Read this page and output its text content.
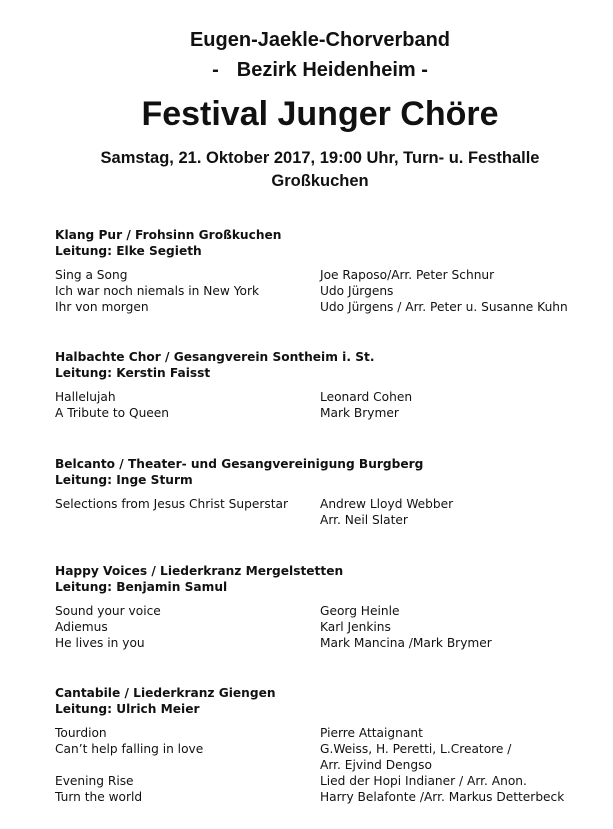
Eugen-Jaekle-Chorverband
- Bezirk Heidenheim -
Festival Junger Chöre
Samstag, 21. Oktober 2017, 19:00 Uhr, Turn- u. Festhalle
Großkuchen
Klang Pur / Frohsinn Großkuchen
Leitung: Elke Segieth
Sing a Song	Joe Raposo/Arr. Peter Schnur
Ich war noch niemals in New York	Udo Jürgens
Ihr von morgen	Udo Jürgens / Arr. Peter u. Susanne Kuhn
Halbachte Chor / Gesangverein Sontheim i. St.
Leitung: Kerstin Faisst
Hallelujah	Leonard Cohen
A Tribute to Queen	Mark Brymer
Belcanto / Theater- und Gesangvereinigung Burgberg
Leitung: Inge Sturm
Selections from Jesus Christ Superstar	Andrew Lloyd Webber
Arr. Neil Slater
Happy Voices / Liederkranz Mergelstetten
Leitung: Benjamin Samul
Sound your voice	Georg Heinle
Adiemus	Karl Jenkins
He lives in you	Mark Mancina /Mark Brymer
Cantabile / Liederkranz Giengen
Leitung: Ulrich Meier
Tourdion	Pierre Attaignant
Can’t help falling in love	G.Weiss, H. Peretti, L.Creatore /
Arr. Ejvind Dengso
Evening Rise	Lied der Hopi Indianer / Arr. Anon.
Turn the world	Harry Belafonte /Arr. Markus Detterbeck
